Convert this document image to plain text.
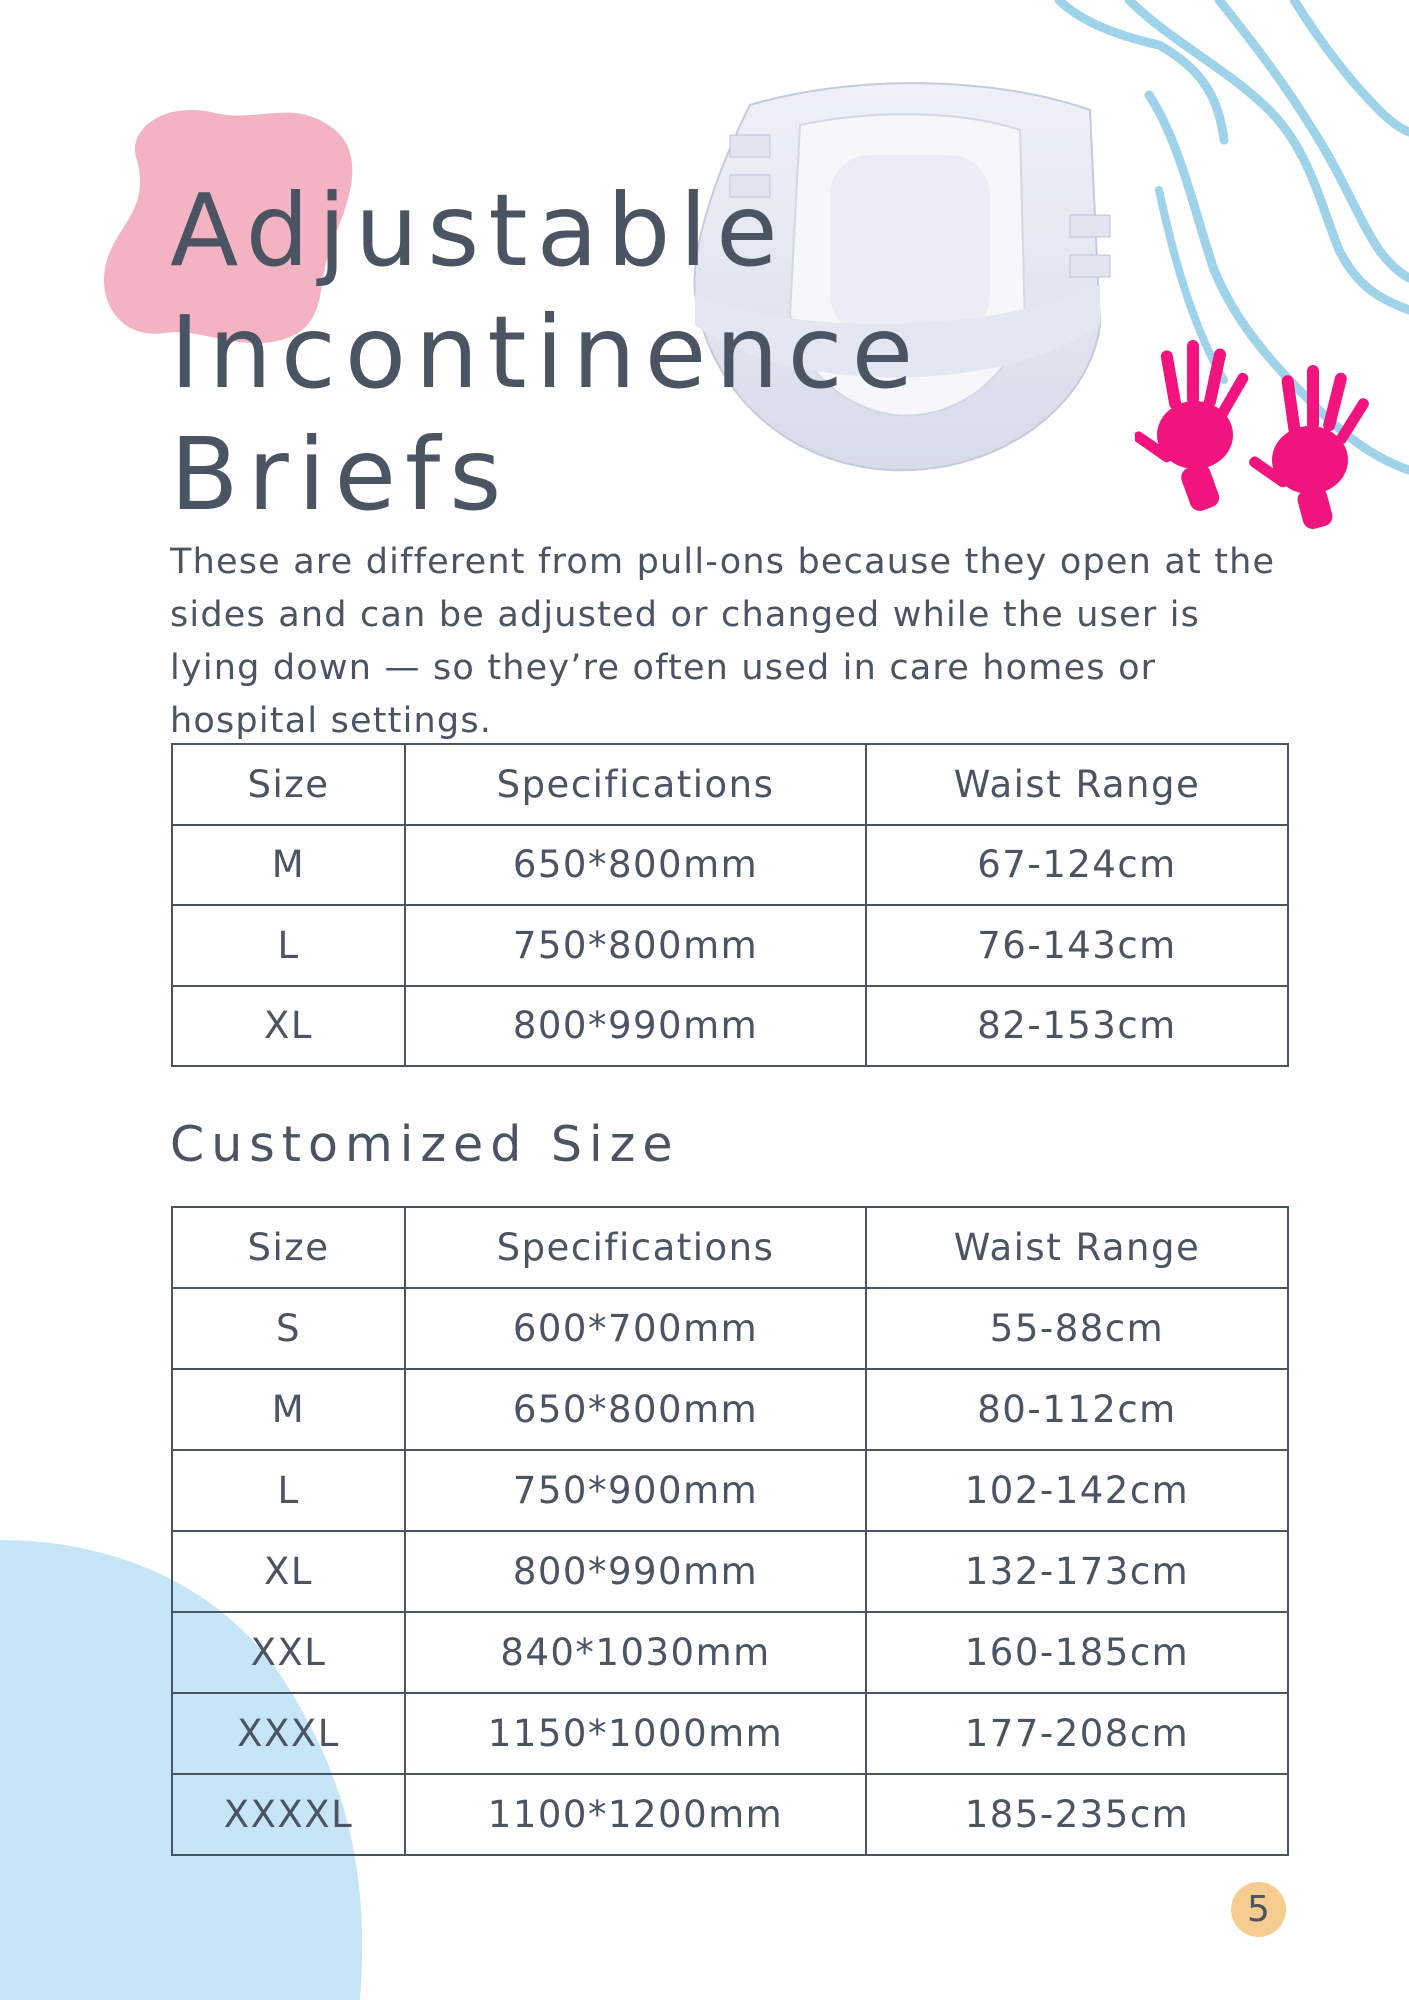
Adjustable
Incontinence
Briefs

These are different from pull-ons because they open at the sides and can be adjusted or changed while the user is lying down — so they’re often used in care homes or hospital settings.

Size	Specifications	Waist Range
M	650*800mm	67-124cm
L	750*800mm	76-143cm
XL	800*990mm	82-153cm
Customized Size
Size	Specifications	Waist Range
S	600*700mm	55-88cm
M	650*800mm	80-112cm
L	750*900mm	102-142cm
XL	800*990mm	132-173cm
XXL	840*1030mm	160-185cm
XXXL	1150*1000mm	177-208cm
XXXXL	1100*1200mm	185-235cm
5
